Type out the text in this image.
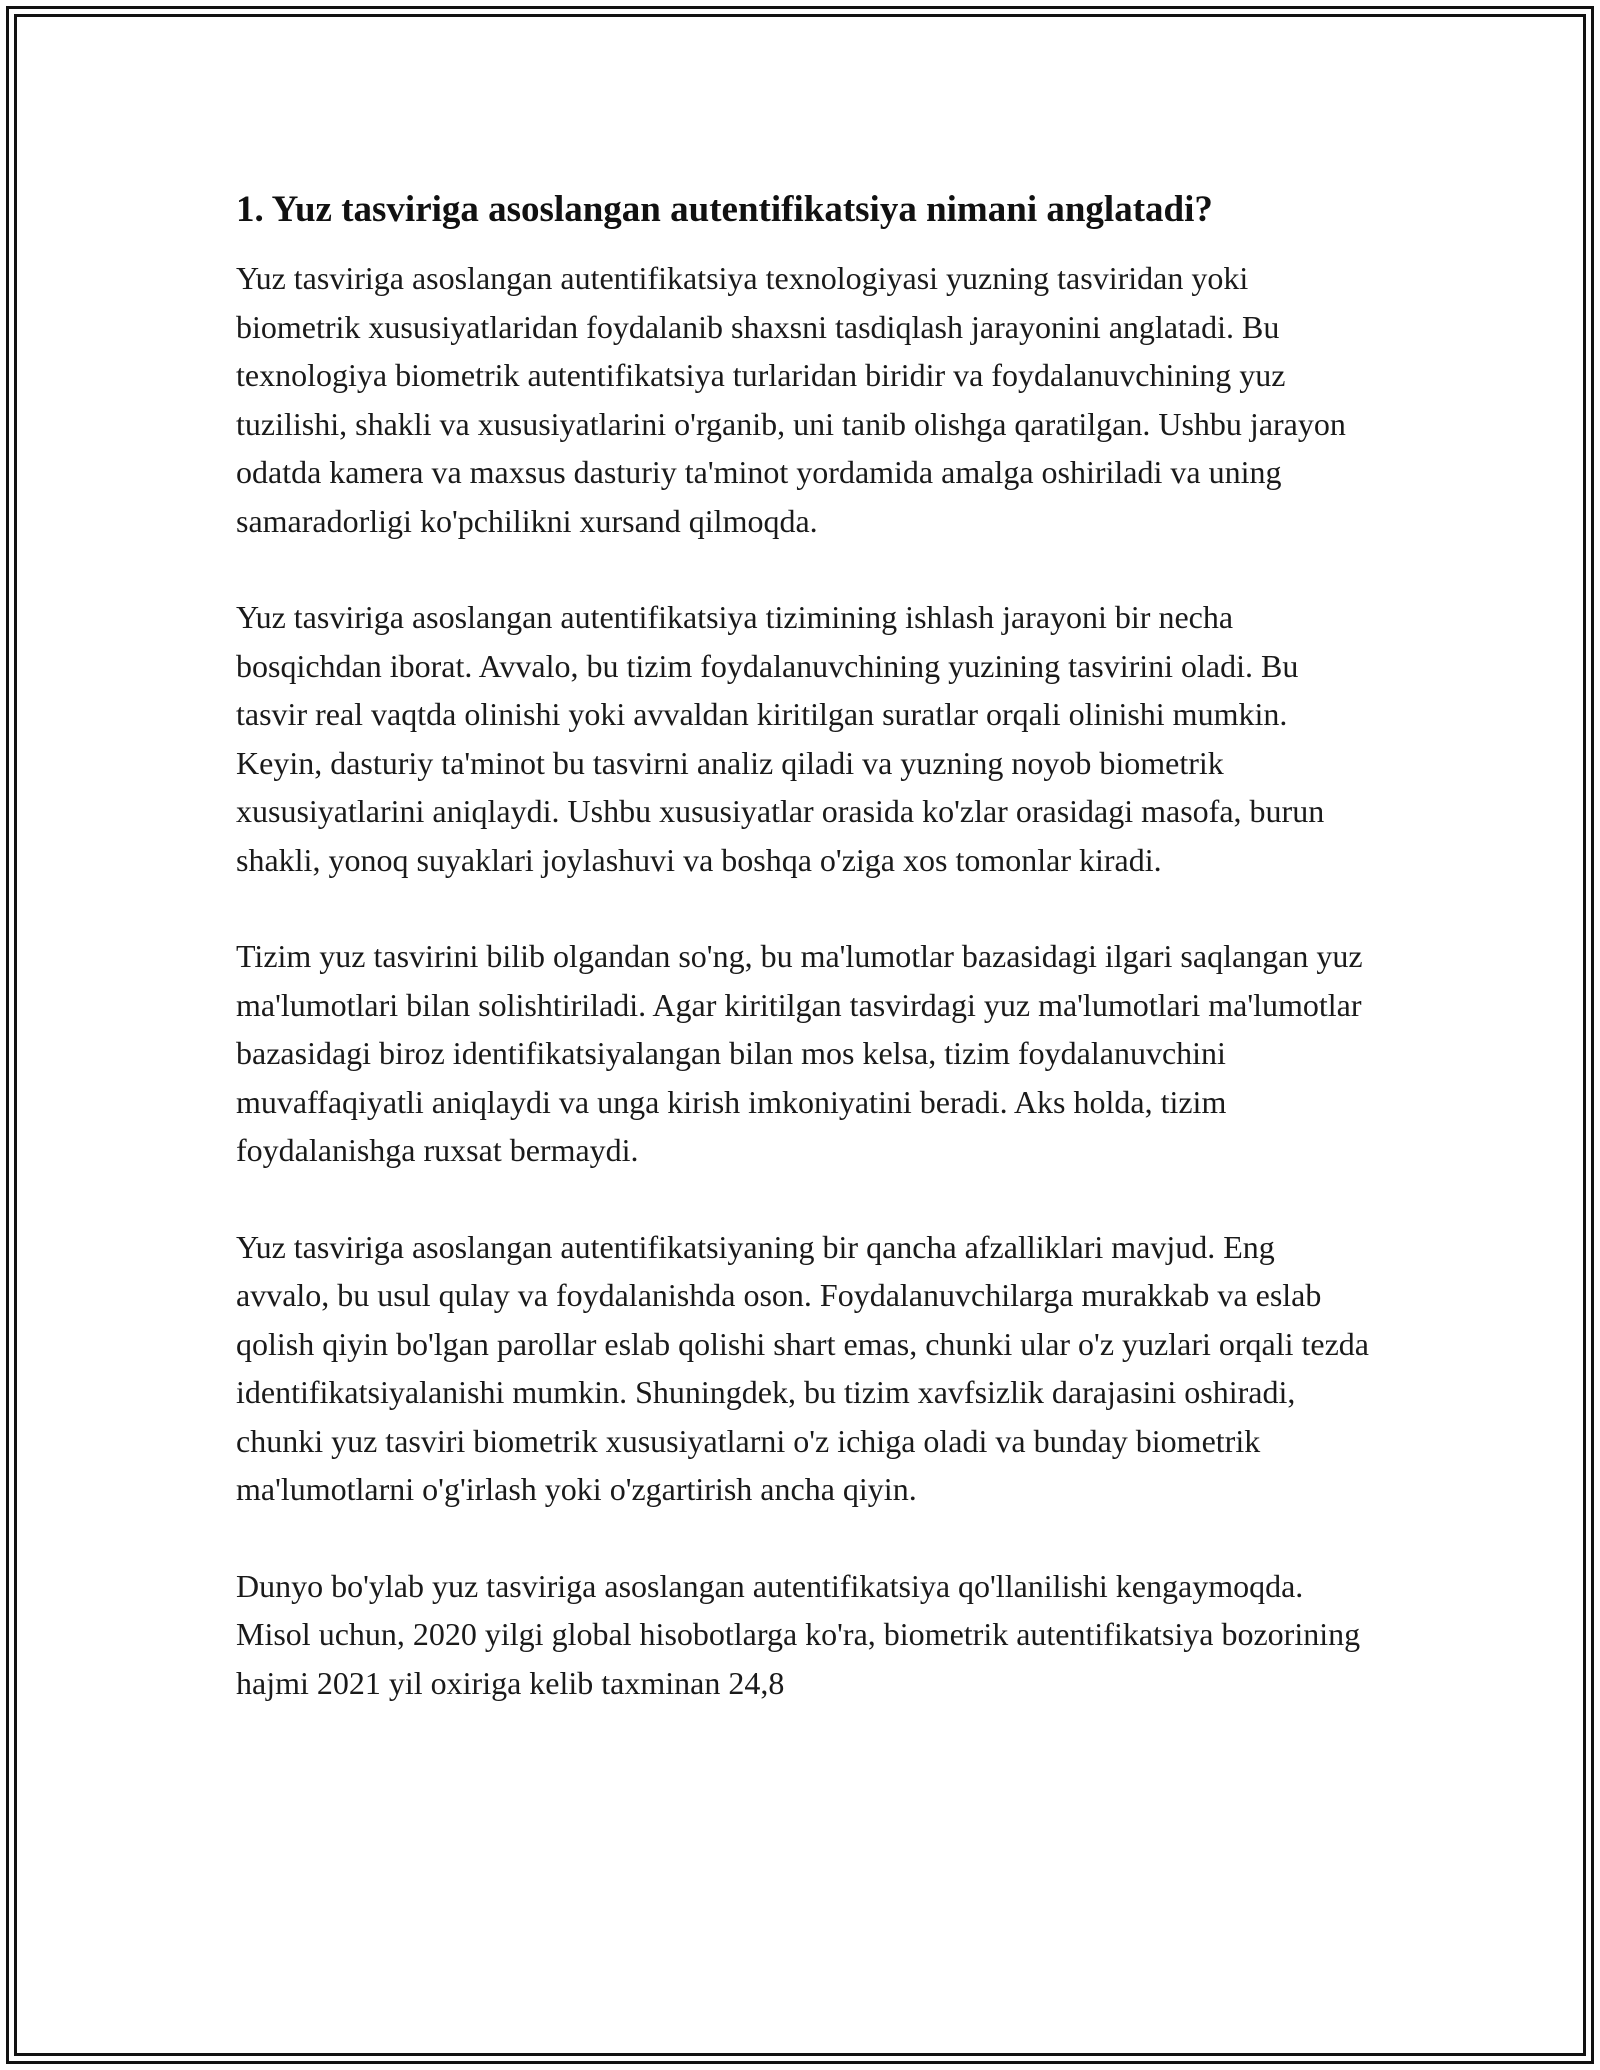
1. Yuz tasviriga asoslangan autentifikatsiya nimani anglatadi?

Yuz tasviriga asoslangan autentifikatsiya texnologiyasi yuzning tasviridan yoki biometrik xususiyatlaridan foydalanib shaxsni tasdiqlash jarayonini anglatadi. Bu texnologiya biometrik autentifikatsiya turlaridan biridir va foydalanuvchining yuz tuzilishi, shakli va xususiyatlarini o'rganib, uni tanib olishga qaratilgan. Ushbu jarayon odatda kamera va maxsus dasturiy ta'minot yordamida amalga oshiriladi va uning samaradorligi ko'pchilikni xursand qilmoqda.

Yuz tasviriga asoslangan autentifikatsiya tizimining ishlash jarayoni bir necha bosqichdan iborat. Avvalo, bu tizim foydalanuvchining yuzining tasvirini oladi. Bu tasvir real vaqtda olinishi yoki avvaldan kiritilgan suratlar orqali olinishi mumkin. Keyin, dasturiy ta'minot bu tasvirni analiz qiladi va yuzning noyob biometrik xususiyatlarini aniqlaydi. Ushbu xususiyatlar orasida ko'zlar orasidagi masofa, burun shakli, yonoq suyaklari joylashuvi va boshqa o'ziga xos tomonlar kiradi.

Tizim yuz tasvirini bilib olgandan so'ng, bu ma'lumotlar bazasidagi ilgari saqlangan yuz ma'lumotlari bilan solishtiriladi. Agar kiritilgan tasvirdagi yuz ma'lumotlari ma'lumotlar bazasidagi biroz identifikatsiyalangan bilan mos kelsa, tizim foydalanuvchini muvaffaqiyatli aniqlaydi va unga kirish imkoniyatini beradi. Aks holda, tizim foydalanishga ruxsat bermaydi.

Yuz tasviriga asoslangan autentifikatsiyaning bir qancha afzalliklari mavjud. Eng avvalo, bu usul qulay va foydalanishda oson. Foydalanuvchilarga murakkab va eslab qolish qiyin bo'lgan parollar eslab qolishi shart emas, chunki ular o'z yuzlari orqali tezda identifikatsiyalanishi mumkin. Shuningdek, bu tizim xavfsizlik darajasini oshiradi, chunki yuz tasviri biometrik xususiyatlarni o'z ichiga oladi va bunday biometrik ma'lumotlarni o'g'irlash yoki o'zgartirish ancha qiyin.

Dunyo bo'ylab yuz tasviriga asoslangan autentifikatsiya qo'llanilishi kengaymoqda. Misol uchun, 2020 yilgi global hisobotlarga ko'ra, biometrik autentifikatsiya bozorining hajmi 2021 yil oxiriga kelib taxminan 24,8
